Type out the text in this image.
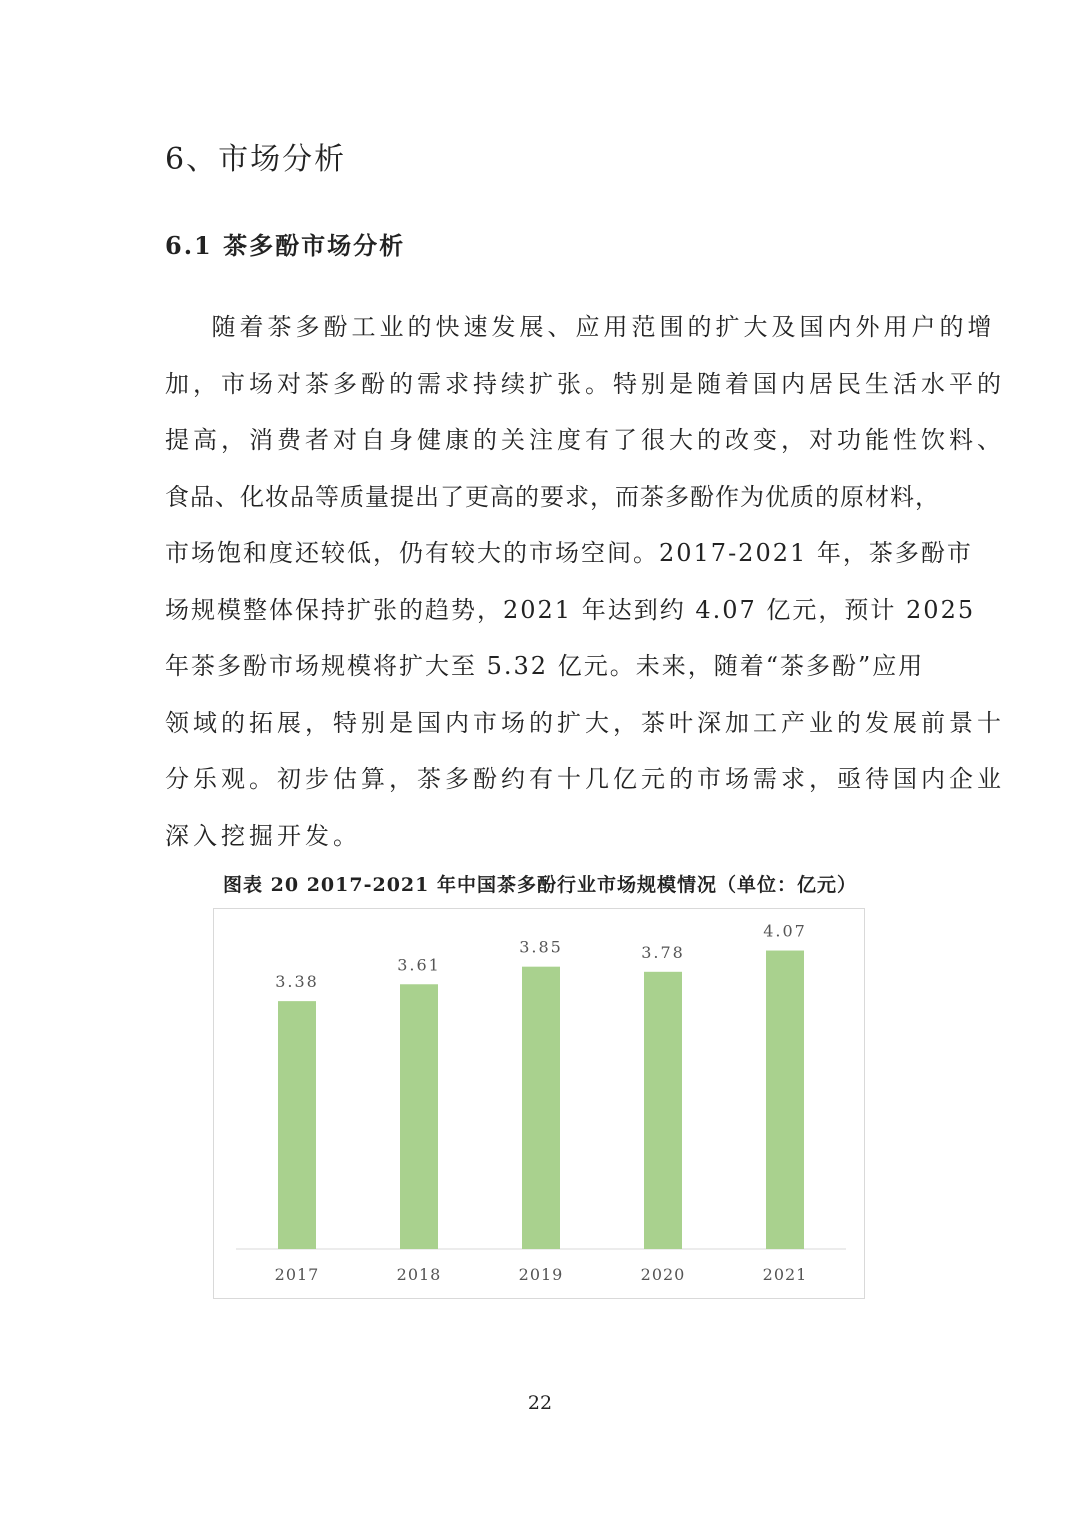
6、市场分析
6.1 茶多酚市场分析
随着茶多酚工业的快速发展、应用范围的扩大及国内外用户的增
加，市场对茶多酚的需求持续扩张。特别是随着国内居民生活水平的
提高，消费者对自身健康的关注度有了很大的改变，对功能性饮料、
食品、化妆品等质量提出了更高的要求，而茶多酚作为优质的原材料，
市场饱和度还较低，仍有较大的市场空间。2017-2021 年，茶多酚市
场规模整体保持扩张的趋势，2021 年达到约 4.07 亿元，预计 2025
年茶多酚市场规模将扩大至 5.32 亿元。未来，随着“茶多酚”应用
领域的拓展，特别是国内市场的扩大，茶叶深加工产业的发展前景十
分乐观。初步估算，茶多酚约有十几亿元的市场需求，亟待国内企业
深入挖掘开发。
图表 20 2017-2021 年中国茶多酚行业市场规模情况（单位：亿元）
3.38
2017
3.61
2018
3.85
2019
3.78
2020
4.07
2021
22
